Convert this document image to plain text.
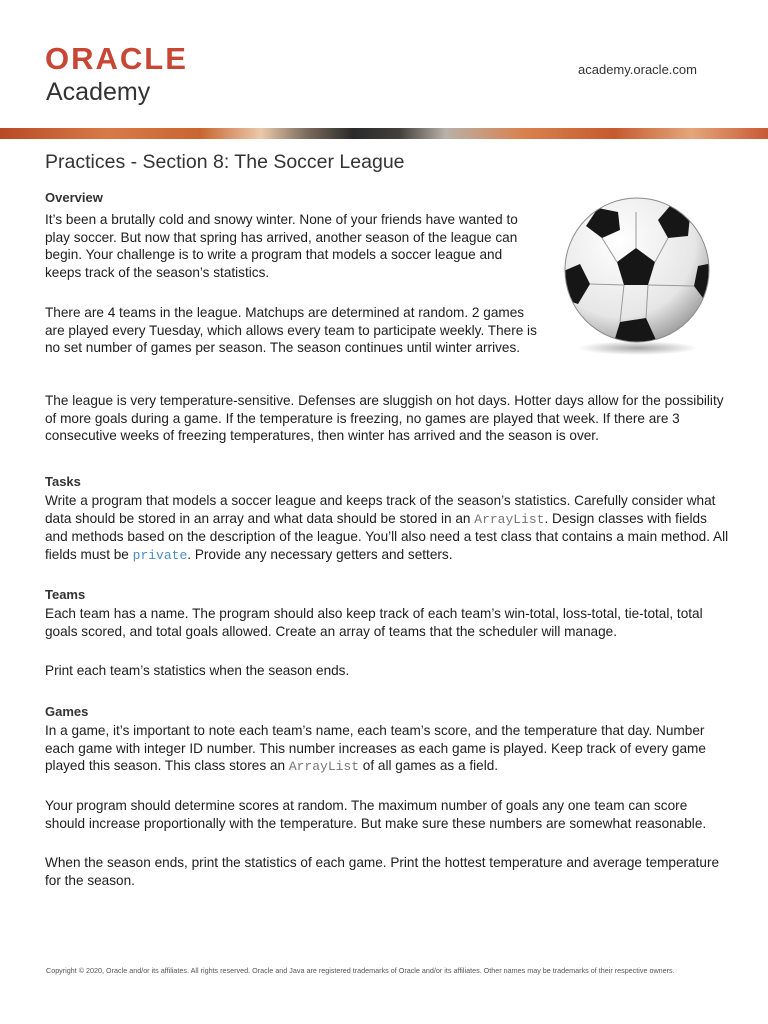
ORACLE
Academy
academy.oracle.com
Practices - Section 8: The Soccer League
Overview

It’s been a brutally cold and snowy winter. None of your friends have wanted to play soccer. But now that spring has arrived, another season of the league can begin. Your challenge is to write a program that models a soccer league and keeps track of the season’s statistics.

There are 4 teams in the league. Matchups are determined at random. 2 games are played every Tuesday, which allows every team to participate weekly. There is no set number of games per season. The season continues until winter arrives.

The league is very temperature-sensitive. Defenses are sluggish on hot days. Hotter days allow for the possibility of more goals during a game. If the temperature is freezing, no games are played that week. If there are 3 consecutive weeks of freezing temperatures, then winter has arrived and the season is over.

Tasks

Write a program that models a soccer league and keeps track of the season’s statistics. Carefully consider what data should be stored in an array and what data should be stored in an ArrayList. Design classes with fields and methods based on the description of the league. You’ll also need a test class that contains a main method. All fields must be private. Provide any necessary getters and setters.

Teams

Each team has a name. The program should also keep track of each team’s win-total, loss-total, tie-total, total goals scored, and total goals allowed. Create an array of teams that the scheduler will manage.

Print each team’s statistics when the season ends.

Games

In a game, it’s important to note each team’s name, each team’s score, and the temperature that day. Number each game with integer ID number. This number increases as each game is played. Keep track of every game played this season. This class stores an ArrayList of all games as a field.

Your program should determine scores at random. The maximum number of goals any one team can score should increase proportionally with the temperature. But make sure these numbers are somewhat reasonable.

When the season ends, print the statistics of each game. Print the hottest temperature and average temperature for the season.

Copyright © 2020, Oracle and/or its affiliates. All rights reserved. Oracle and Java are registered trademarks of Oracle and/or its affiliates. Other names may be trademarks of their respective owners.
